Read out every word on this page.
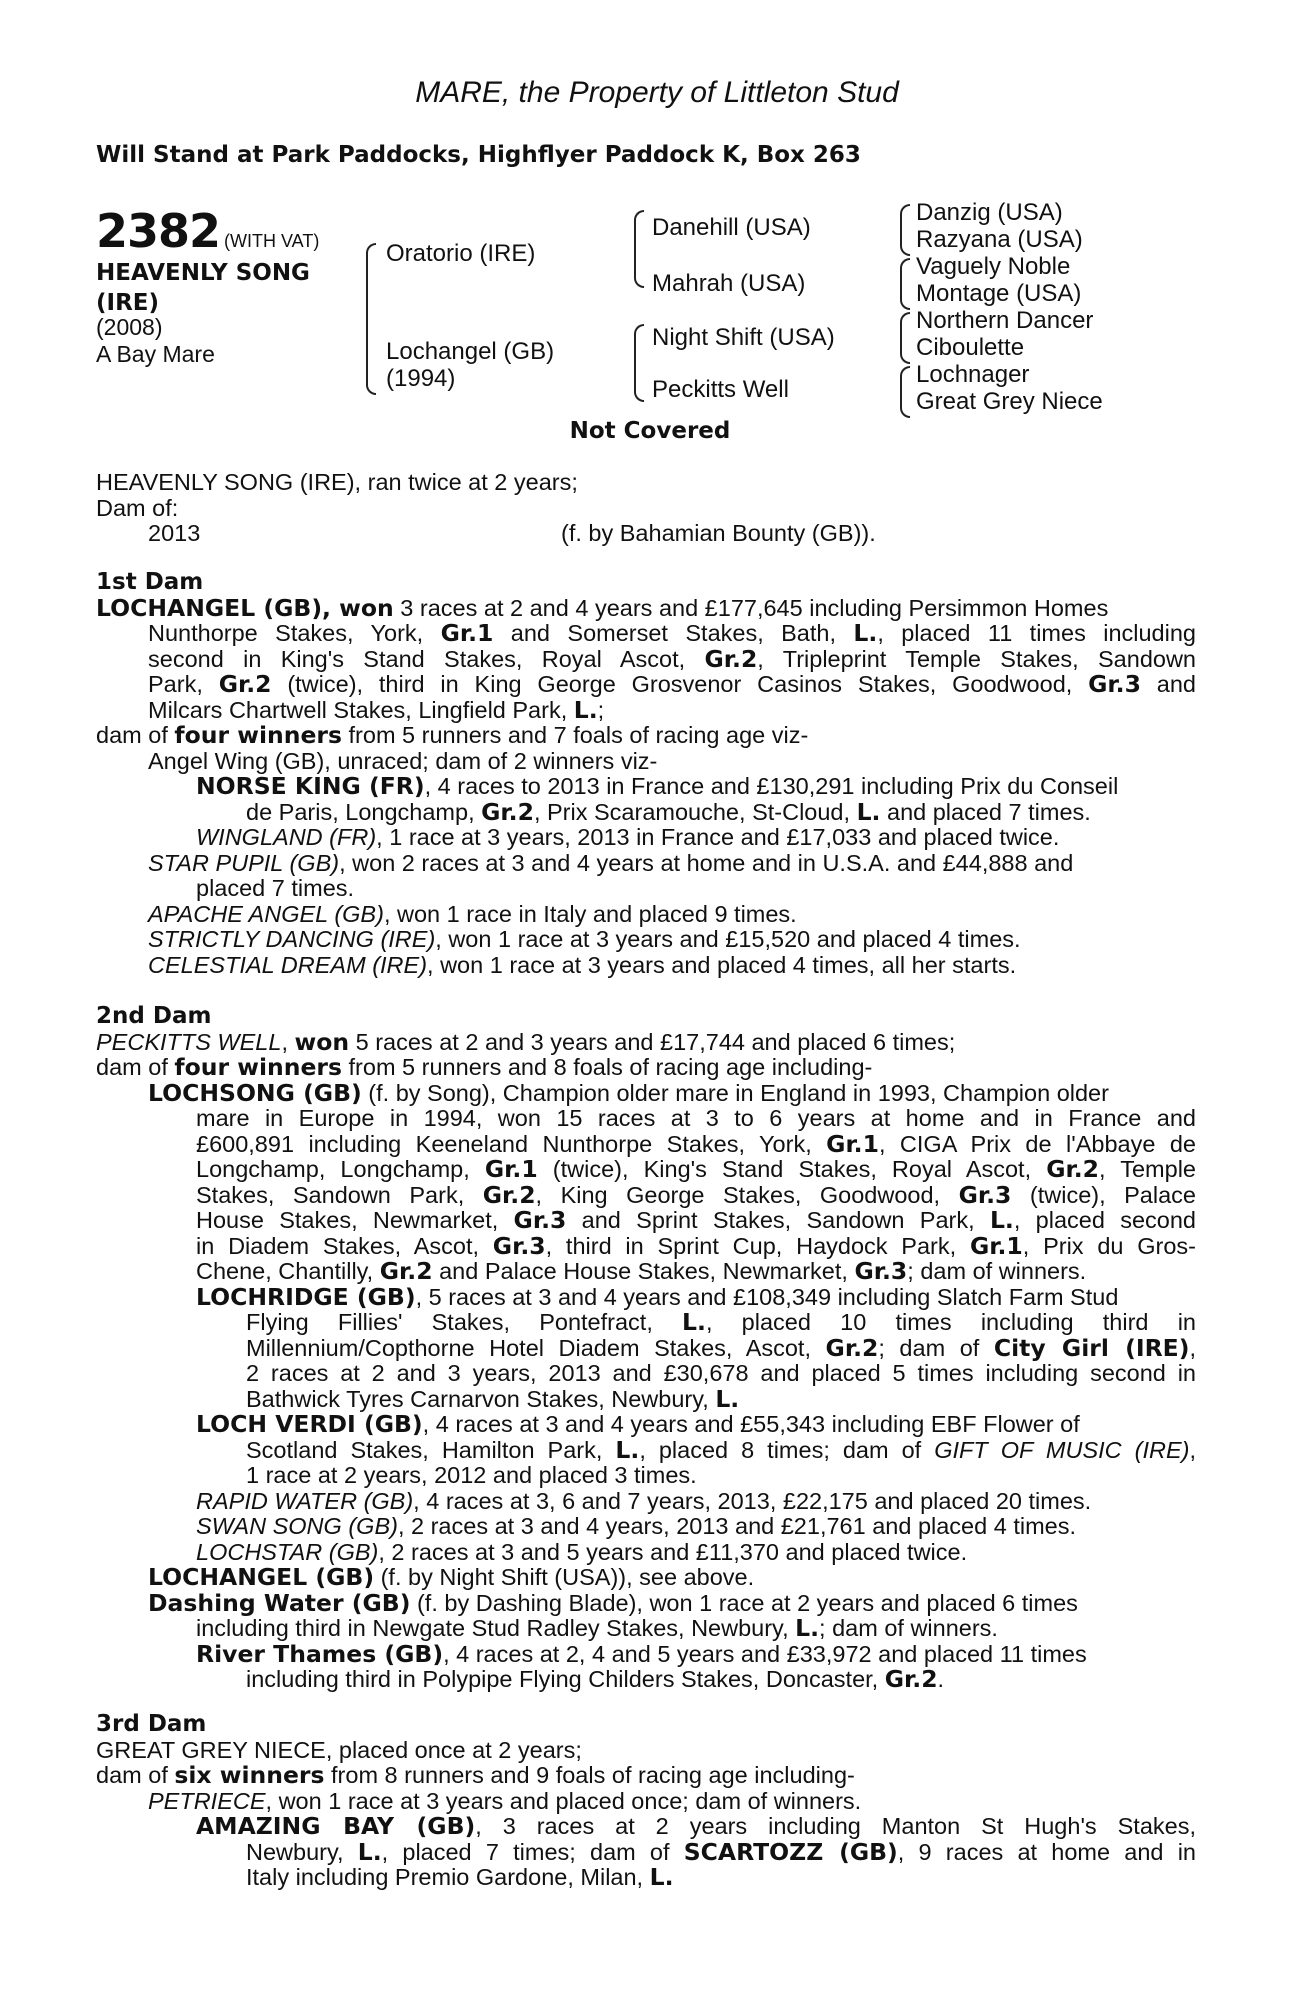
MARE, the Property of Littleton Stud
Will Stand at Park Paddocks, Highflyer Paddock K, Box 263
2382 (WITH VAT)
HEAVENLY SONG
(IRE)
(2008)
A Bay Mare
Oratorio (IRE)
Lochangel (GB)
(1994)
Danehill (USA)
Mahrah (USA)
Night Shift (USA)
Peckitts Well
Danzig (USA)
Razyana (USA)
Vaguely Noble
Montage (USA)
Northern Dancer
Ciboulette
Lochnager
Great Grey Niece
Not Covered
HEAVENLY SONG (IRE), ran twice at 2 years;
Dam of:
2013	(f. by Bahamian Bounty (GB)).
1st Dam
LOCHANGEL (GB), won 3 races at 2 and 4 years and £177,645 including Persimmon Homes
Nunthorpe Stakes, York, Gr.1 and Somerset Stakes, Bath, L., placed 11 times including
second in King's Stand Stakes, Royal Ascot, Gr.2, Tripleprint Temple Stakes, Sandown
Park, Gr.2 (twice), third in King George Grosvenor Casinos Stakes, Goodwood, Gr.3 and
Milcars Chartwell Stakes, Lingfield Park, L.;
dam of four winners from 5 runners and 7 foals of racing age viz-
Angel Wing (GB), unraced; dam of 2 winners viz-
NORSE KING (FR), 4 races to 2013 in France and £130,291 including Prix du Conseil
de Paris, Longchamp, Gr.2, Prix Scaramouche, St-Cloud, L. and placed 7 times.
WINGLAND (FR), 1 race at 3 years, 2013 in France and £17,033 and placed twice.
STAR PUPIL (GB), won 2 races at 3 and 4 years at home and in U.S.A. and £44,888 and
placed 7 times.
APACHE ANGEL (GB), won 1 race in Italy and placed 9 times.
STRICTLY DANCING (IRE), won 1 race at 3 years and £15,520 and placed 4 times.
CELESTIAL DREAM (IRE), won 1 race at 3 years and placed 4 times, all her starts.
2nd Dam
PECKITTS WELL, won 5 races at 2 and 3 years and £17,744 and placed 6 times;
dam of four winners from 5 runners and 8 foals of racing age including-
LOCHSONG (GB) (f. by Song), Champion older mare in England in 1993, Champion older
mare in Europe in 1994, won 15 races at 3 to 6 years at home and in France and
£600,891 including Keeneland Nunthorpe Stakes, York, Gr.1, CIGA Prix de l'Abbaye de
Longchamp, Longchamp, Gr.1 (twice), King's Stand Stakes, Royal Ascot, Gr.2, Temple
Stakes, Sandown Park, Gr.2, King George Stakes, Goodwood, Gr.3 (twice), Palace
House Stakes, Newmarket, Gr.3 and Sprint Stakes, Sandown Park, L., placed second
in Diadem Stakes, Ascot, Gr.3, third in Sprint Cup, Haydock Park, Gr.1, Prix du Gros-
Chene, Chantilly, Gr.2 and Palace House Stakes, Newmarket, Gr.3; dam of winners.
LOCHRIDGE (GB), 5 races at 3 and 4 years and £108,349 including Slatch Farm Stud
Flying Fillies' Stakes, Pontefract, L., placed 10 times including third in
Millennium/Copthorne Hotel Diadem Stakes, Ascot, Gr.2; dam of City Girl (IRE),
2 races at 2 and 3 years, 2013 and £30,678 and placed 5 times including second in
Bathwick Tyres Carnarvon Stakes, Newbury, L.
LOCH VERDI (GB), 4 races at 3 and 4 years and £55,343 including EBF Flower of
Scotland Stakes, Hamilton Park, L., placed 8 times; dam of GIFT OF MUSIC (IRE),
1 race at 2 years, 2012 and placed 3 times.
RAPID WATER (GB), 4 races at 3, 6 and 7 years, 2013, £22,175 and placed 20 times.
SWAN SONG (GB), 2 races at 3 and 4 years, 2013 and £21,761 and placed 4 times.
LOCHSTAR (GB), 2 races at 3 and 5 years and £11,370 and placed twice.
LOCHANGEL (GB) (f. by Night Shift (USA)), see above.
Dashing Water (GB) (f. by Dashing Blade), won 1 race at 2 years and placed 6 times
including third in Newgate Stud Radley Stakes, Newbury, L.; dam of winners.
River Thames (GB), 4 races at 2, 4 and 5 years and £33,972 and placed 11 times
including third in Polypipe Flying Childers Stakes, Doncaster, Gr.2.
3rd Dam
GREAT GREY NIECE, placed once at 2 years;
dam of six winners from 8 runners and 9 foals of racing age including-
PETRIECE, won 1 race at 3 years and placed once; dam of winners.
AMAZING BAY (GB), 3 races at 2 years including Manton St Hugh's Stakes,
Newbury, L., placed 7 times; dam of SCARTOZZ (GB), 9 races at home and in
Italy including Premio Gardone, Milan, L.
